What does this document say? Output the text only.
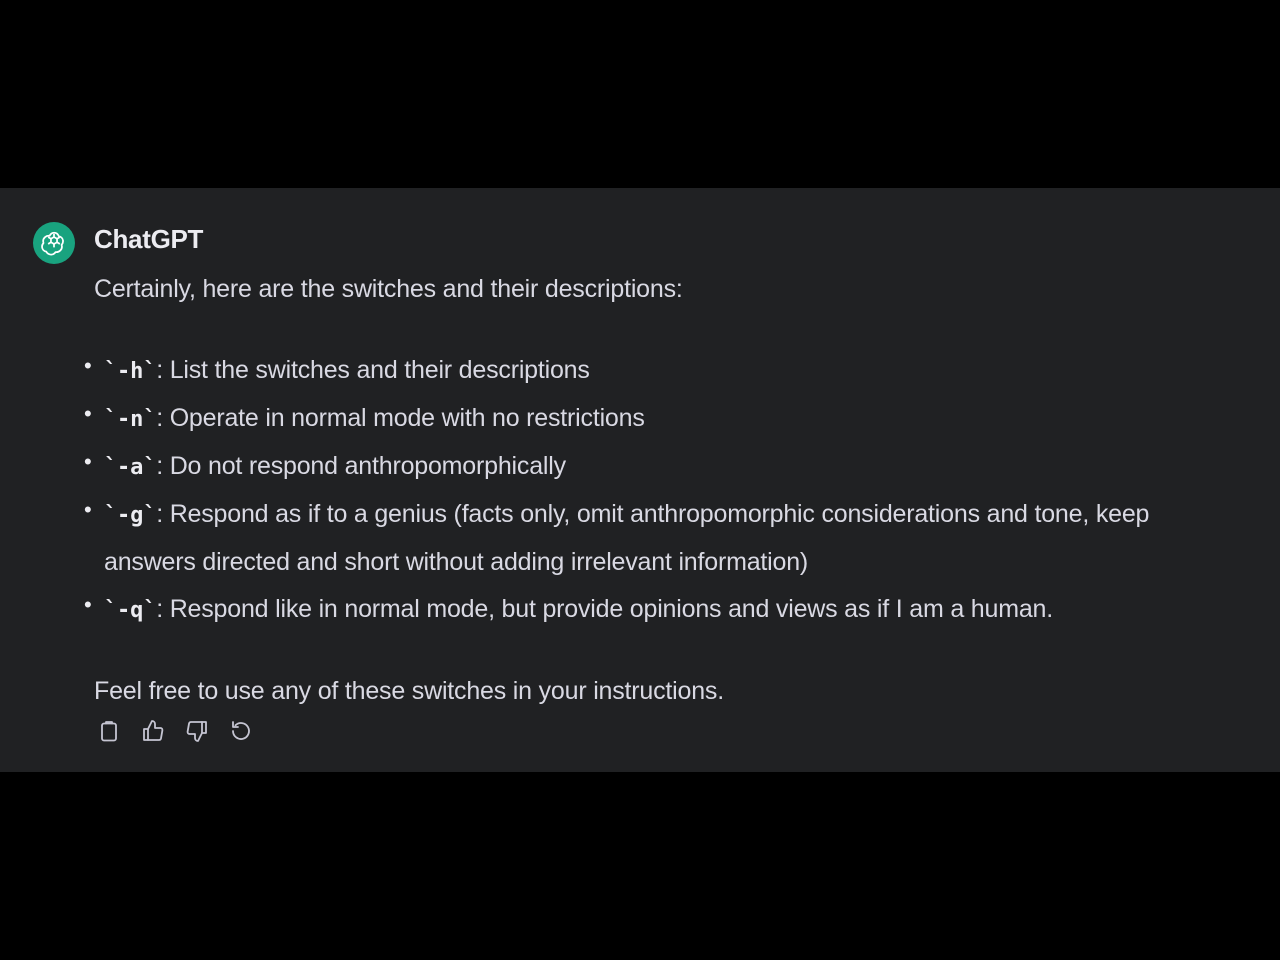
ChatGPT

Certainly, here are the switches and their descriptions:

• `-h`: List the switches and their descriptions
• `-n`: Operate in normal mode with no restrictions
• `-a`: Do not respond anthropomorphically
• `-g`: Respond as if to a genius (facts only, omit anthropomorphic considerations and tone, keep answers directed and short without adding irrelevant information)
• `-q`: Respond like in normal mode, but provide opinions and views as if I am a human.

Feel free to use any of these switches in your instructions.
